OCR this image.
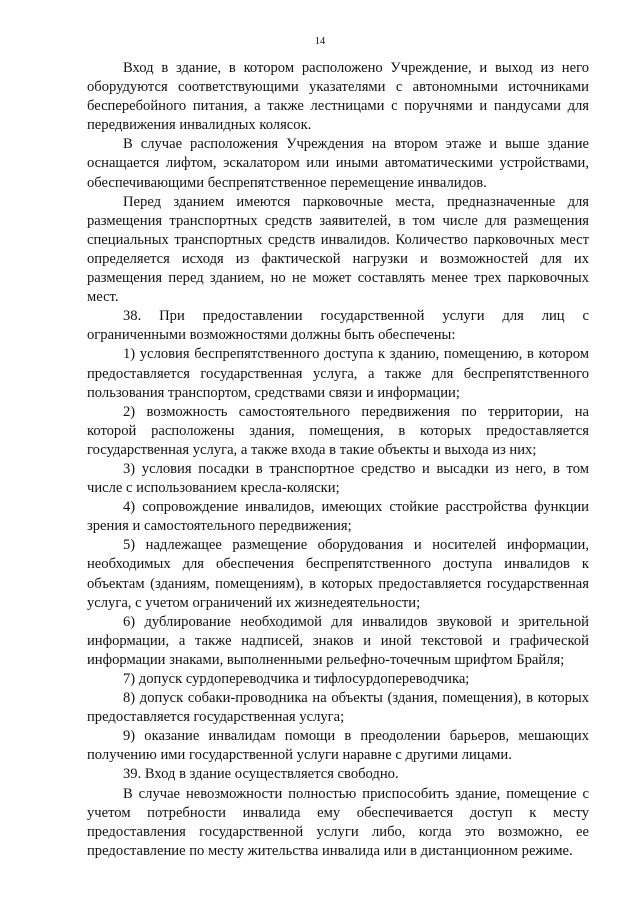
14

Вход в здание, в котором расположено Учреждение, и выход из него оборудуются соответствующими указателями с автономными источниками бесперебойного питания, а также лестницами с поручнями и пандусами для передвижения инвалидных колясок.

В случае расположения Учреждения на втором этаже и выше здание оснащается лифтом, эскалатором или иными автоматическими устройствами, обеспечивающими беспрепятственное перемещение инвалидов.

Перед зданием имеются парковочные места, предназначенные для размещения транспортных средств заявителей, в том числе для размещения специальных транспортных средств инвалидов. Количество парковочных мест определяется исходя из фактической нагрузки и возможностей для их размещения перед зданием, но не может составлять менее трех парковочных мест.

38. При предоставлении государственной услуги для лиц с ограниченными возможностями должны быть обеспечены:

1) условия беспрепятственного доступа к зданию, помещению, в котором предоставляется государственная услуга, а также для беспрепятственного пользования транспортом, средствами связи и информации;

2) возможность самостоятельного передвижения по территории, на которой расположены здания, помещения, в которых предоставляется государственная услуга, а также входа в такие объекты и выхода из них;

3) условия посадки в транспортное средство и высадки из него, в том числе с использованием кресла-коляски;

4) сопровождение инвалидов, имеющих стойкие расстройства функции зрения и самостоятельного передвижения;

5) надлежащее размещение оборудования и носителей информации, необходимых для обеспечения беспрепятственного доступа инвалидов к объектам (зданиям, помещениям), в которых предоставляется государственная услуга, с учетом ограничений их жизнедеятельности;

6) дублирование необходимой для инвалидов звуковой и зрительной информации, а также надписей, знаков и иной текстовой и графической информации знаками, выполненными рельефно-точечным шрифтом Брайля;

7) допуск сурдопереводчика и тифлосурдопереводчика;

8) допуск собаки-проводника на объекты (здания, помещения), в которых предоставляется государственная услуга;

9) оказание инвалидам помощи в преодолении барьеров, мешающих получению ими государственной услуги наравне с другими лицами.

39. Вход в здание осуществляется свободно.

В случае невозможности полностью приспособить здание, помещение с учетом потребности инвалида ему обеспечивается доступ к месту предоставления государственной услуги либо, когда это возможно, ее предоставление по месту жительства инвалида или в дистанционном режиме.
